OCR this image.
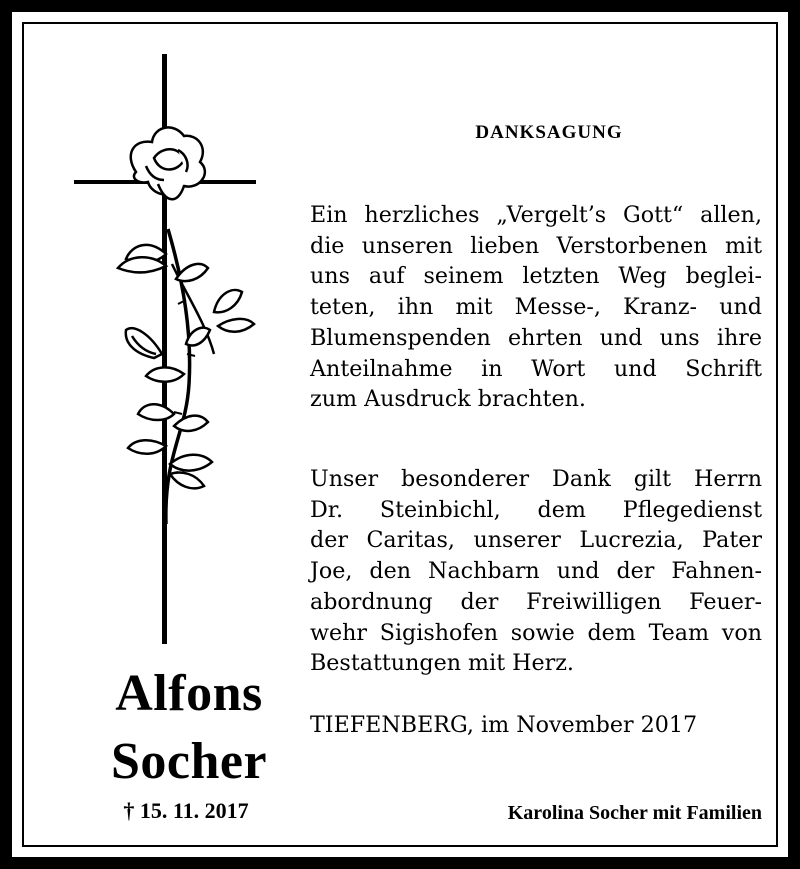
Alfons
Socher
† 15. 11. 2017
DANKSAGUNG
Ein herzliches „Vergelt’s Gott“ allen,
die unseren lieben Verstorbenen mit
uns auf seinem letzten Weg beglei-
teten, ihn mit Messe-, Kranz- und
Blumenspenden ehrten und uns ihre
Anteilnahme in Wort und Schrift
zum Ausdruck brachten.
Unser besonderer Dank gilt Herrn
Dr. Steinbichl, dem Pflegedienst
der Caritas, unserer Lucrezia, Pater
Joe, den Nachbarn und der Fahnen-
abordnung der Freiwilligen Feuer-
wehr Sigishofen sowie dem Team von
Bestattungen mit Herz.
TIEFENBERG, im November 2017
Karolina Socher mit Familien
